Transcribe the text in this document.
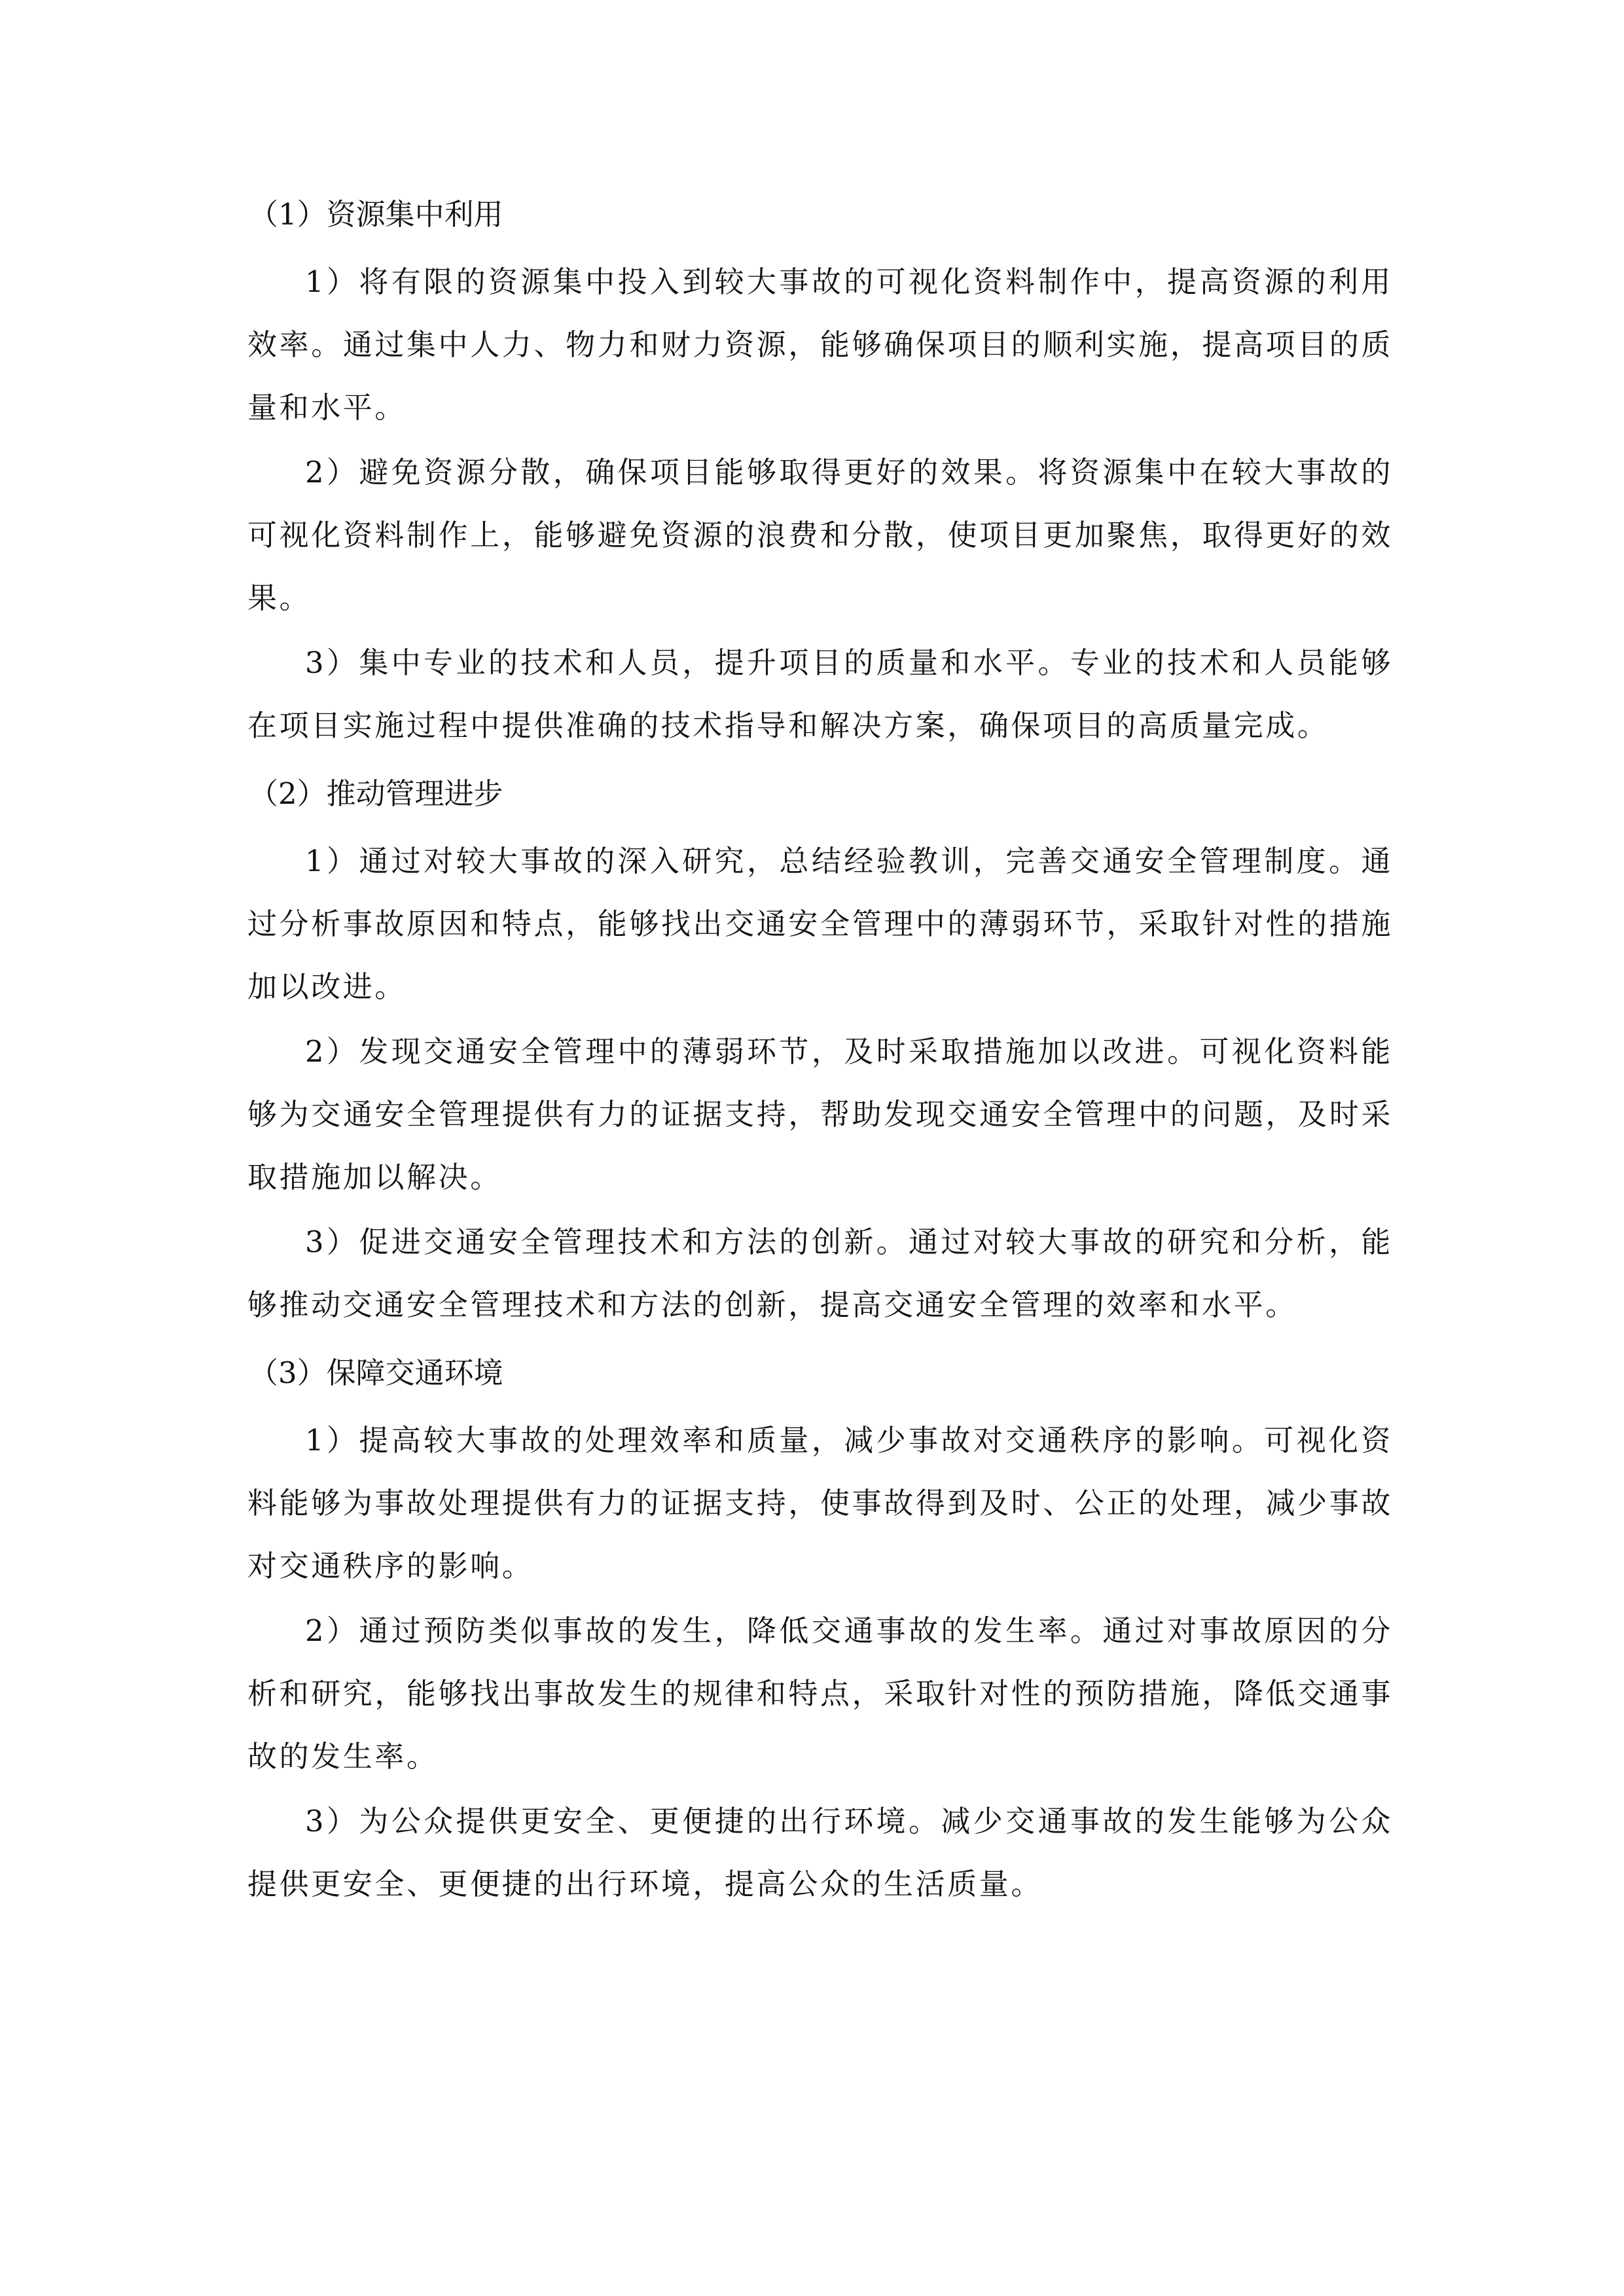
（1）资源集中利用

1）将有限的资源集中投入到较大事故的可视化资料制作中，提高资源的利用效率。通过集中人力、物力和财力资源，能够确保项目的顺利实施，提高项目的质量和水平。

2）避免资源分散，确保项目能够取得更好的效果。将资源集中在较大事故的可视化资料制作上，能够避免资源的浪费和分散，使项目更加聚焦，取得更好的效果。

3）集中专业的技术和人员，提升项目的质量和水平。专业的技术和人员能够在项目实施过程中提供准确的技术指导和解决方案，确保项目的高质量完成。

（2）推动管理进步

1）通过对较大事故的深入研究，总结经验教训，完善交通安全管理制度。通过分析事故原因和特点，能够找出交通安全管理中的薄弱环节，采取针对性的措施加以改进。

2）发现交通安全管理中的薄弱环节，及时采取措施加以改进。可视化资料能够为交通安全管理提供有力的证据支持，帮助发现交通安全管理中的问题，及时采取措施加以解决。

3）促进交通安全管理技术和方法的创新。通过对较大事故的研究和分析，能够推动交通安全管理技术和方法的创新，提高交通安全管理的效率和水平。

（3）保障交通环境

1）提高较大事故的处理效率和质量，减少事故对交通秩序的影响。可视化资料能够为事故处理提供有力的证据支持，使事故得到及时、公正的处理，减少事故对交通秩序的影响。

2）通过预防类似事故的发生，降低交通事故的发生率。通过对事故原因的分析和研究，能够找出事故发生的规律和特点，采取针对性的预防措施，降低交通事故的发生率。

3）为公众提供更安全、更便捷的出行环境。减少交通事故的发生能够为公众提供更安全、更便捷的出行环境，提高公众的生活质量。
